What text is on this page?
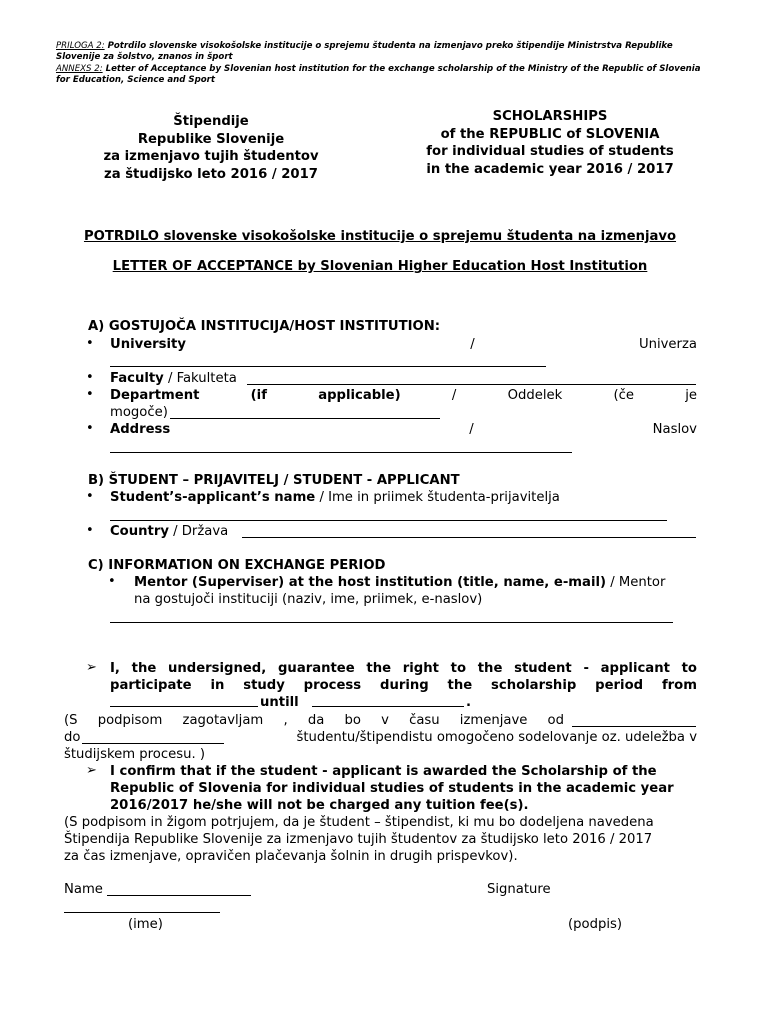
PRILOGA 2: Potrdilo slovenske visokošolske institucije o sprejemu študenta na izmenjavo preko štipendije Ministrstva Republike Slovenije za šolstvo, znanos in šport
ANNEXS 2: Letter of Acceptance by Slovenian host institution for the exchange scholarship of the Ministry of the Republic of Slovenia for Education, Science and Sport
Štipendije
Republike Slovenije
za izmenjavo tujih študentov
za študijsko leto 2016 / 2017
SCHOLARSHIPS
of the REPUBLIC of SLOVENIA
for individual studies of students
in the academic year 2016 / 2017
POTRDILO slovenske visokošolske institucije o sprejemu študenta na izmenjavo
LETTER OF ACCEPTANCE by Slovenian Higher Education Host Institution
A) GOSTUJOČA INSTITUCIJA/HOST INSTITUTION:
• University	/	Univerza
• Faculty / Fakulteta
• Department	(if	applicable)	/	Oddelek	(če	je
mogoče)
• Address	/	Naslov
B) ŠTUDENT – PRIJAVITELJ / STUDENT - APPLICANT
• Student’s-applicant’s name / Ime in priimek študenta-prijavitelja
• Country / Država
C) INFORMATION ON EXCHANGE PERIOD
• Mentor (Superviser) at the host institution (title, name, e-mail) / Mentor
na gostujoči instituciji (naziv, ime, priimek, e-naslov)
➢ I, the undersigned, guarantee the right to the student - applicant to
participate in study process during the scholarship period from
untill	.
(S podpisom zagotavljam , da bo v času izmenjave od
do	študentu/štipendistu omogočeno sodelovanje oz. udeležba v
študijskem procesu. )
➢ I confirm that if the student - applicant is awarded the Scholarship of the
Republic of Slovenia for individual studies of students in the academic year
2016/2017 he/she will not be charged any tuition fee(s).
(S podpisom in žigom potrjujem, da je študent – štipendist, ki mu bo dodeljena navedena
Štipendija Republike Slovenije za izmenjavo tujih študentov za študijsko leto 2016 / 2017
za čas izmenjave, opravičen plačevanja šolnin in drugih prispevkov).
Name	Signature
(ime)	(podpis)
